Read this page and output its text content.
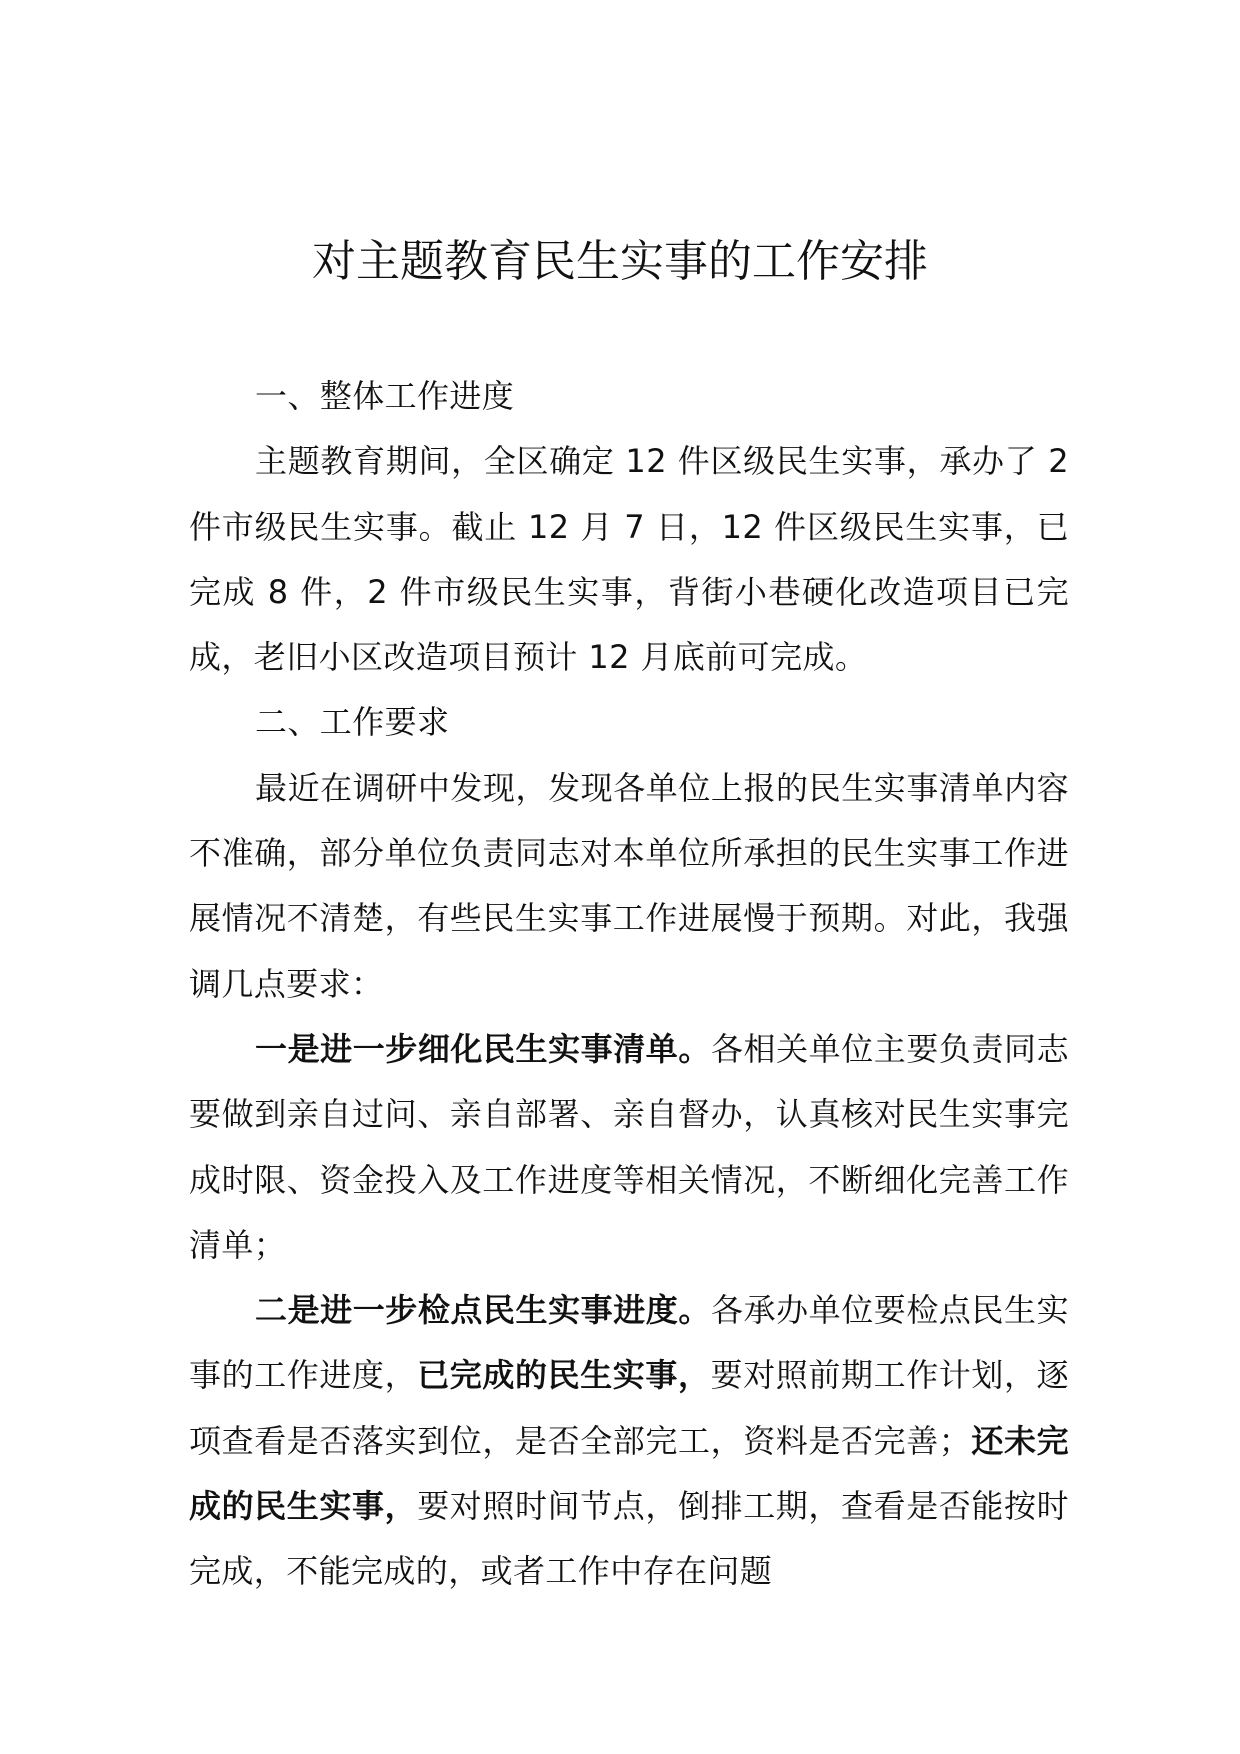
对主题教育民生实事的工作安排

一、整体工作进度

主题教育期间，全区确定 12 件区级民生实事，承办了 2 件市级民生实事。截止 12 月 7 日，12 件区级民生实事，已完成 8 件，2 件市级民生实事，背街小巷硬化改造项目已完成，老旧小区改造项目预计 12 月底前可完成。

二、工作要求

最近在调研中发现，发现各单位上报的民生实事清单内容不准确，部分单位负责同志对本单位所承担的民生实事工作进展情况不清楚，有些民生实事工作进展慢于预期。对此，我强调几点要求：

一是进一步细化民生实事清单。各相关单位主要负责同志要做到亲自过问、亲自部署、亲自督办，认真核对民生实事完成时限、资金投入及工作进度等相关情况，不断细化完善工作清单；

二是进一步检点民生实事进度。各承办单位要检点民生实事的工作进度，已完成的民生实事，要对照前期工作计划，逐项查看是否落实到位，是否全部完工，资料是否完善；还未完成的民生实事，要对照时间节点，倒排工期，查看是否能按时完成，不能完成的，或者工作中存在问题
